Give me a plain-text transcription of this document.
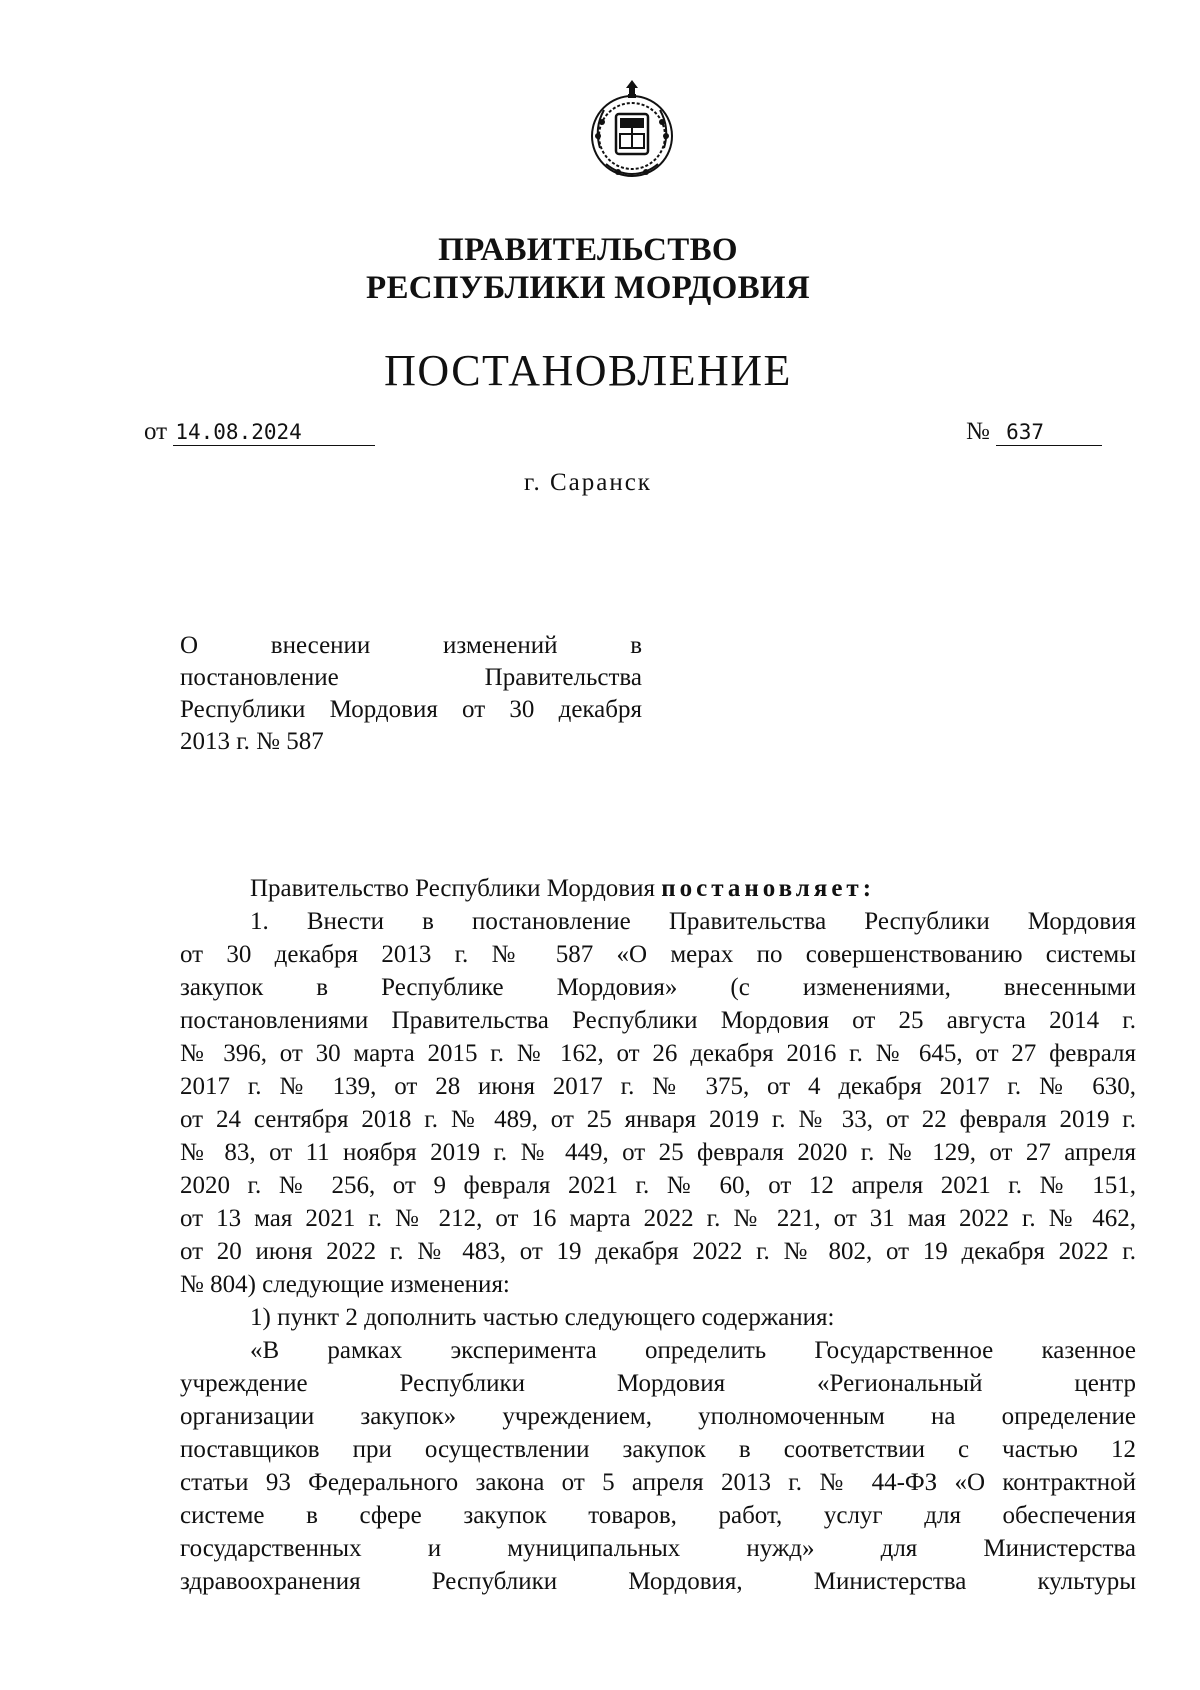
ПРАВИТЕЛЬСТВО
РЕСПУБЛИКИ МОРДОВИЯ
ПОСТАНОВЛЕНИЕ
от 14.08.2024	№ 637
г. Саранск
О внесении изменений в
постановление Правительства
Республики Мордовия от 30 декабря
2013 г. № 587
Правительство Республики Мордовия постановляет:
1. Внести в постановление Правительства Республики Мордовия
от 30 декабря 2013 г. № 587 «О мерах по совершенствованию системы
закупок в Республике Мордовия» (с изменениями, внесенными
постановлениями Правительства Республики Мордовия от 25 августа 2014 г.
№ 396, от 30 марта 2015 г. № 162, от 26 декабря 2016 г. № 645, от 27 февраля
2017 г. № 139, от 28 июня 2017 г. № 375, от 4 декабря 2017 г. № 630,
от 24 сентября 2018 г. № 489, от 25 января 2019 г. № 33, от 22 февраля 2019 г.
№ 83, от 11 ноября 2019 г. № 449, от 25 февраля 2020 г. № 129, от 27 апреля
2020 г. № 256, от 9 февраля 2021 г. № 60, от 12 апреля 2021 г. № 151,
от 13 мая 2021 г. № 212, от 16 марта 2022 г. № 221, от 31 мая 2022 г. № 462,
от 20 июня 2022 г. № 483, от 19 декабря 2022 г. № 802, от 19 декабря 2022 г.
№ 804) следующие изменения:
1) пункт 2 дополнить частью следующего содержания:
«В рамках эксперимента определить Государственное казенное
учреждение Республики Мордовия «Региональный центр
организации закупок» учреждением, уполномоченным на определение
поставщиков при осуществлении закупок в соответствии с частью 12
статьи 93 Федерального закона от 5 апреля 2013 г. № 44-ФЗ «О контрактной
системе в сфере закупок товаров, работ, услуг для обеспечения
государственных и муниципальных нужд» для Министерства
здравоохранения Республики Мордовия, Министерства культуры
